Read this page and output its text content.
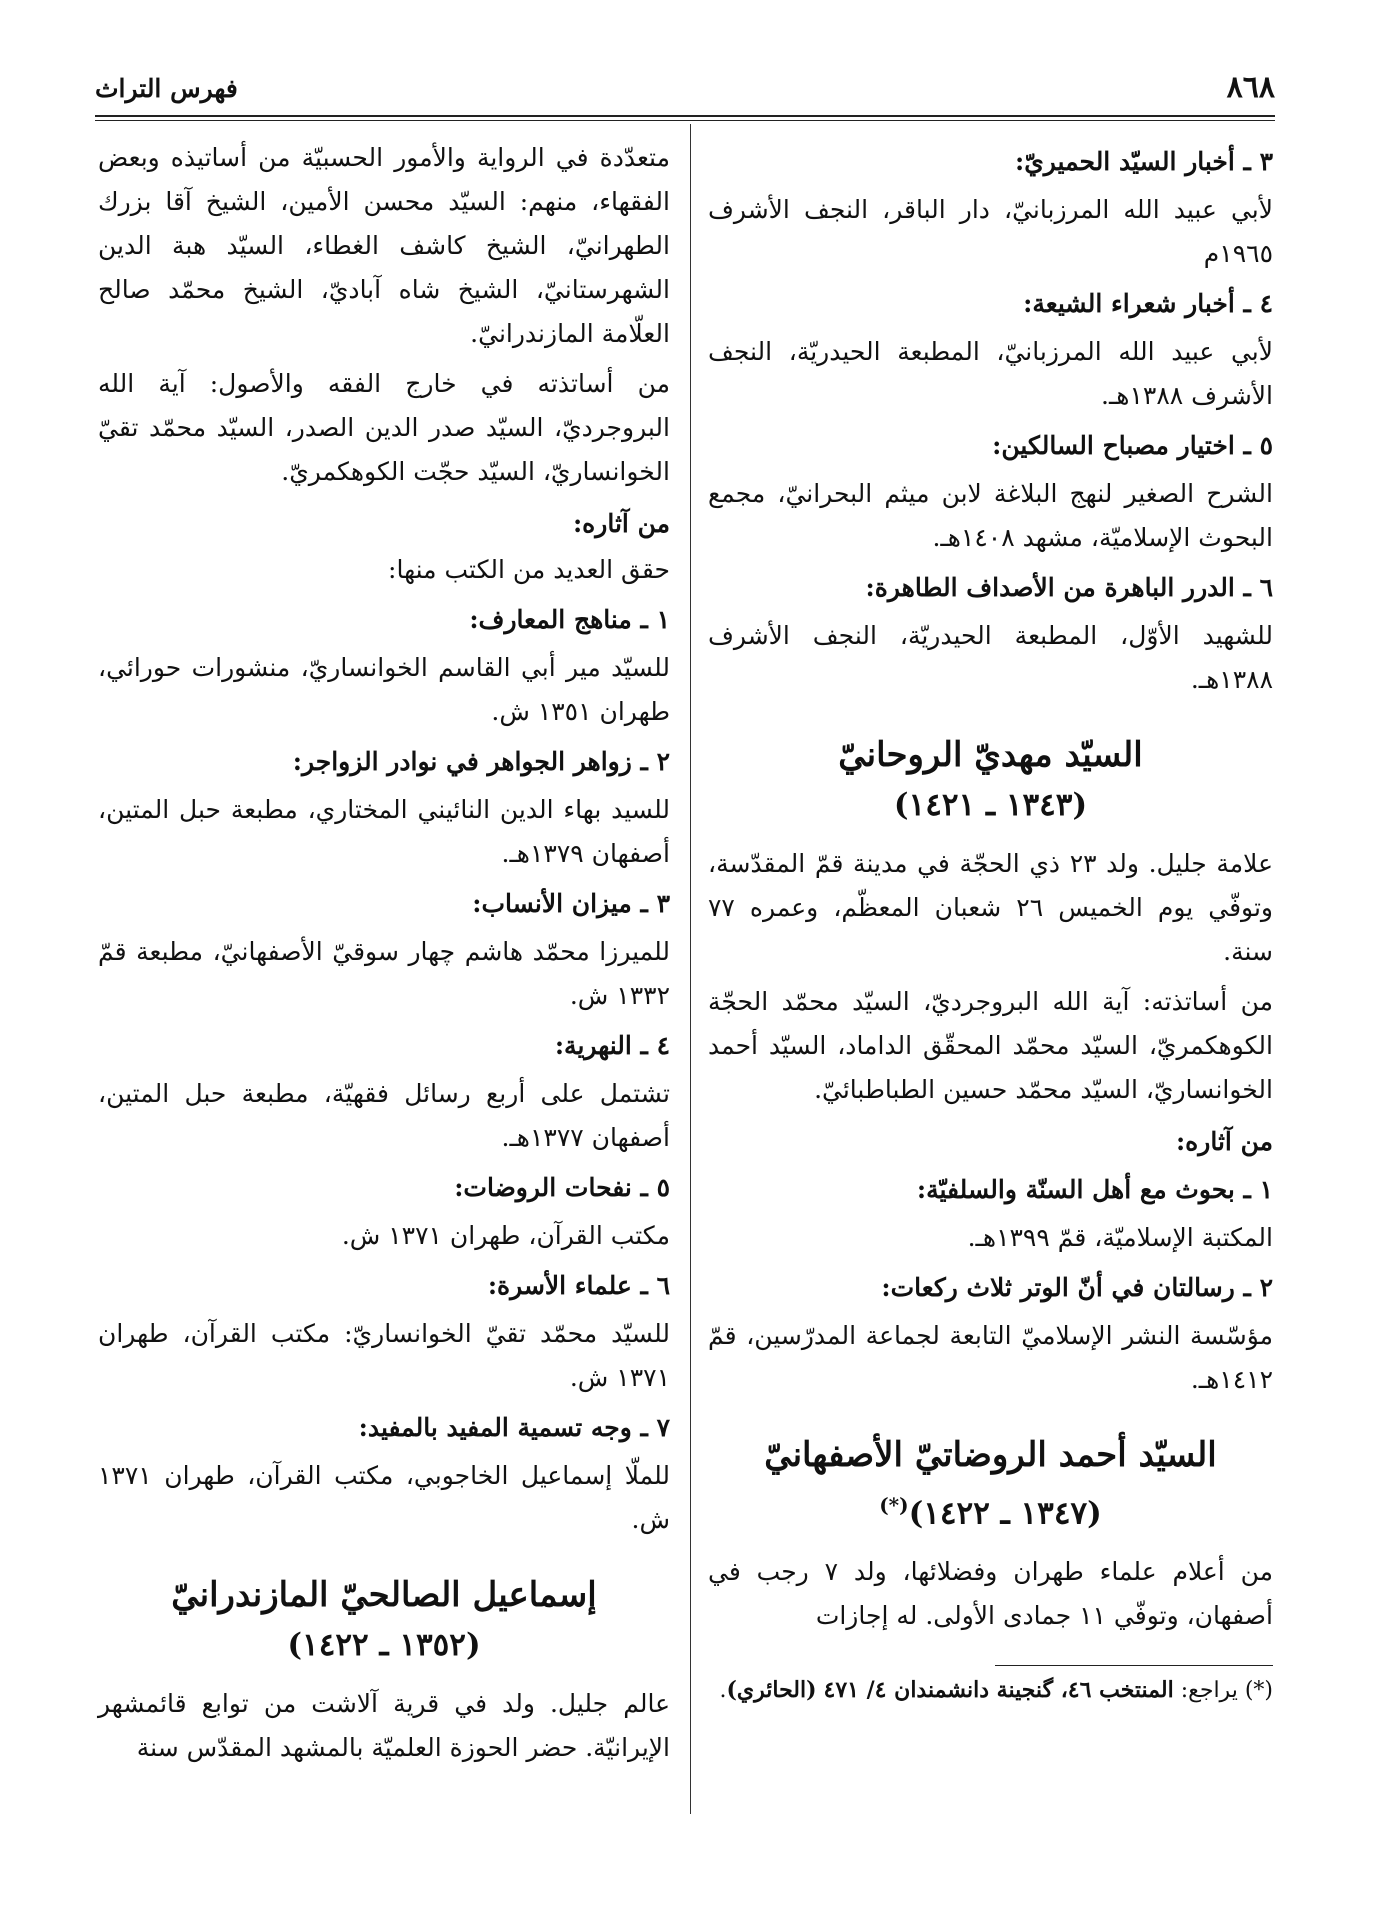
فهرس التراث	٨٦٨

٣ ـ أخبار السيّد الحميريّ:

لأبي عبيد الله المرزبانيّ، دار الباقر، النجف الأشرف ١٩٦٥م

٤ ـ أخبار شعراء الشيعة:

لأبي عبيد الله المرزبانيّ، المطبعة الحيدريّة، النجف الأشرف ١٣٨٨هـ.

٥ ـ اختيار مصباح السالكين:

الشرح الصغير لنهج البلاغة لابن ميثم البحرانيّ، مجمع البحوث الإسلاميّة، مشهد ١٤٠٨هـ.

٦ ـ الدرر الباهرة من الأصداف الطاهرة:

للشهيد الأوّل، المطبعة الحيدريّة، النجف الأشرف ١٣٨٨هـ.

السيّد مهديّ الروحانيّ
(١٣٤٣ ـ ١٤٢١)

علامة جليل. ولد ٢٣ ذي الحجّة في مدينة قمّ المقدّسة، وتوفّي يوم الخميس ٢٦ شعبان المعظّم، وعمره ٧٧ سنة.

من أساتذته: آية الله البروجرديّ، السيّد محمّد الحجّة الكوهكمريّ، السيّد محمّد المحقّق الداماد، السيّد أحمد الخوانساريّ، السيّد محمّد حسين الطباطبائيّ.

من آثاره:

١ ـ بحوث مع أهل السنّة والسلفيّة:

المكتبة الإسلاميّة، قمّ ١٣٩٩هـ.

٢ ـ رسالتان في أنّ الوتر ثلاث ركعات:

مؤسّسة النشر الإسلاميّ التابعة لجماعة المدرّسين، قمّ ١٤١٢هـ.

السيّد أحمد الروضاتيّ الأصفهانيّ
(١٣٤٧ ـ ١٤٢٢)(*)

من أعلام علماء طهران وفضلائها، ولد ٧ رجب في أصفهان، وتوفّي ١١ جمادى الأولى. له إجازات

(*) يراجع: المنتخب ٤٦، گنجينة دانشمندان ٤/ ٤٧١ (الحائري).

متعدّدة في الرواية والأمور الحسبيّة من أساتيذه وبعض الفقهاء، منهم: السيّد محسن الأمين، الشيخ آقا بزرك الطهرانيّ، الشيخ كاشف الغطاء، السيّد هبة الدين الشهرستانيّ، الشيخ شاه آباديّ، الشيخ محمّد صالح العلّامة المازندرانيّ.

من أساتذته في خارج الفقه والأصول: آية الله البروجرديّ، السيّد صدر الدين الصدر، السيّد محمّد تقيّ الخوانساريّ، السيّد حجّت الكوهكمريّ.

من آثاره:

حقق العديد من الكتب منها:

١ ـ مناهج المعارف:

للسيّد مير أبي القاسم الخوانساريّ، منشورات حورائي، طهران ١٣٥١ ش.

٢ ـ زواهر الجواهر في نوادر الزواجر:

للسيد بهاء الدين النائيني المختاري، مطبعة حبل المتين، أصفهان ١٣٧٩هـ.

٣ ـ ميزان الأنساب:

للميرزا محمّد هاشم چهار سوقيّ الأصفهانيّ، مطبعة قمّ ١٣٣٢ ش.

٤ ـ النهرية:

تشتمل على أربع رسائل فقهيّة، مطبعة حبل المتين، أصفهان ١٣٧٧هـ.

٥ ـ نفحات الروضات:

مكتب القرآن، طهران ١٣٧١ ش.

٦ ـ علماء الأسرة:

للسيّد محمّد تقيّ الخوانساريّ: مكتب القرآن، طهران ١٣٧١ ش.

٧ ـ وجه تسمية المفيد بالمفيد:

للملّا إسماعيل الخاجوبي، مكتب القرآن، طهران ١٣٧١ ش.

إسماعيل الصالحيّ المازندرانيّ
(١٣٥٢ ـ ١٤٢٢)

عالم جليل. ولد في قرية آلاشت من توابع قائمشهر الإيرانيّة. حضر الحوزة العلميّة بالمشهد المقدّس سنة
